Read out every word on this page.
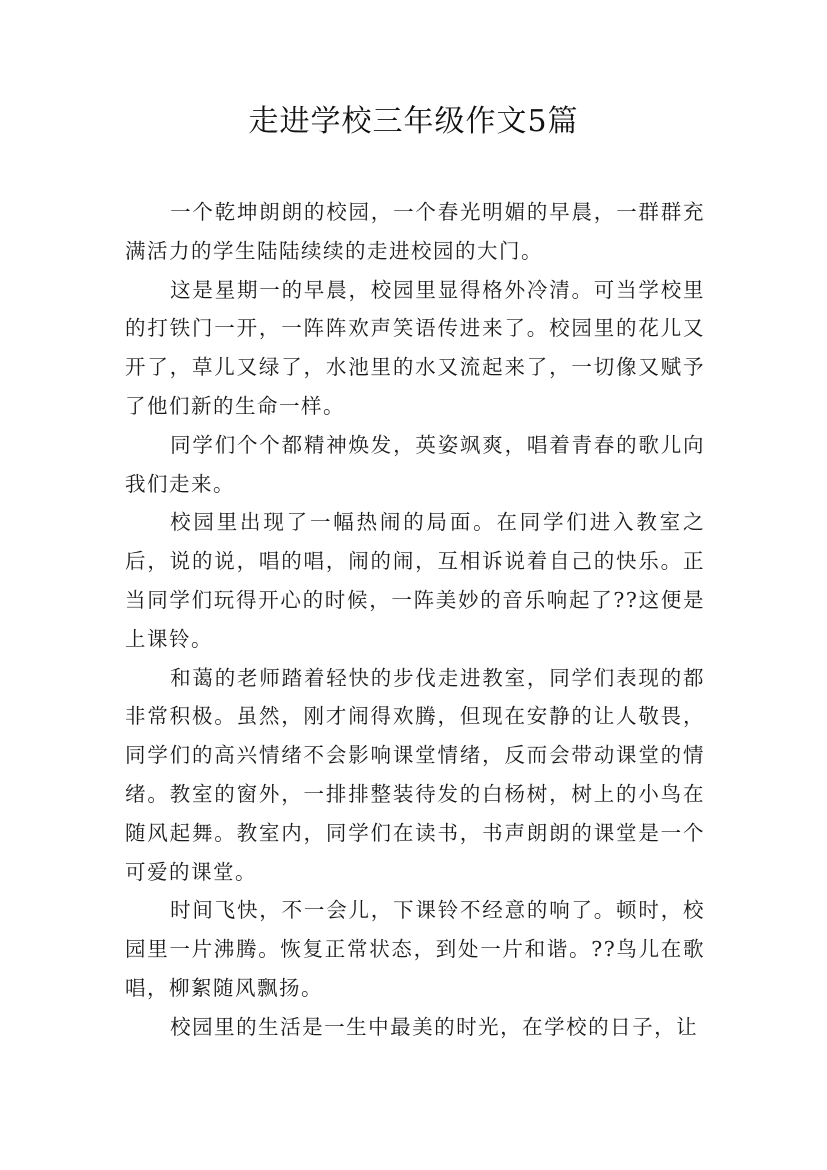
走进学校三年级作文5篇

一个乾坤朗朗的校园，一个春光明媚的早晨，一群群充满活力的学生陆陆续续的走进校园的大门。

这是星期一的早晨，校园里显得格外冷清。可当学校里的打铁门一开，一阵阵欢声笑语传进来了。校园里的花儿又开了，草儿又绿了，水池里的水又流起来了，一切像又赋予了他们新的生命一样。

同学们个个都精神焕发，英姿飒爽，唱着青春的歌儿向我们走来。

校园里出现了一幅热闹的局面。在同学们进入教室之后，说的说，唱的唱，闹的闹，互相诉说着自己的快乐。正当同学们玩得开心的时候，一阵美妙的音乐响起了??这便是上课铃。

和蔼的老师踏着轻快的步伐走进教室，同学们表现的都非常积极。虽然，刚才闹得欢腾，但现在安静的让人敬畏，同学们的高兴情绪不会影响课堂情绪，反而会带动课堂的情绪。教室的窗外，一排排整装待发的白杨树，树上的小鸟在随风起舞。教室内，同学们在读书，书声朗朗的课堂是一个可爱的课堂。

时间飞快，不一会儿，下课铃不经意的响了。顿时，校园里一片沸腾。恢复正常状态，到处一片和谐。??鸟儿在歌唱，柳絮随风飘扬。

校园里的生活是一生中最美的时光，在学校的日子，让
